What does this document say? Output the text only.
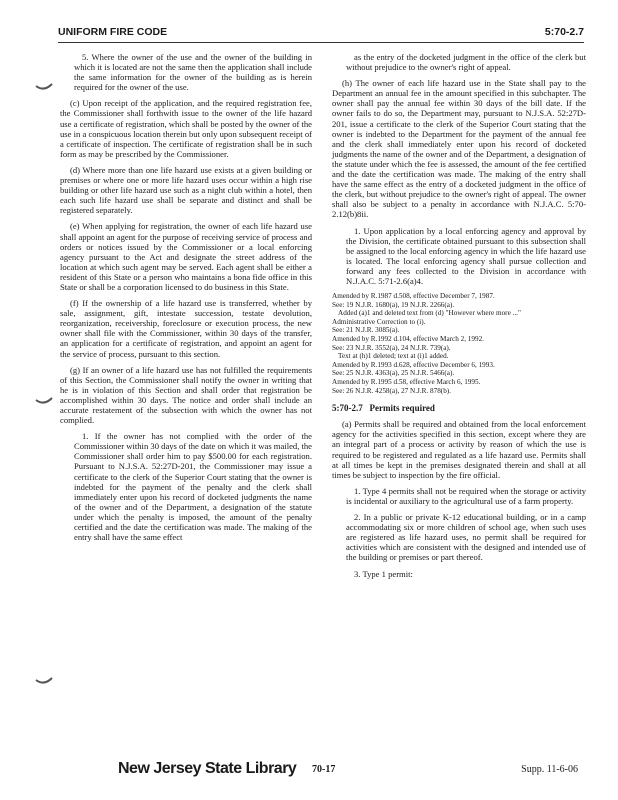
UNIFORM FIRE CODE	5:70-2.7

5. Where the owner of the use and the owner of the building in which it is located are not the same then the application shall include the same information for the owner of the building as is herein required for the owner of the use.

(c) Upon receipt of the application, and the required registration fee, the Commissioner shall forthwith issue to the owner of the life hazard use a certificate of registration, which shall be posted by the owner of the use in a conspicuous location therein but only upon subsequent receipt of a certificate of inspection. The certificate of registration shall be in such form as may be prescribed by the Commissioner.

(d) Where more than one life hazard use exists at a given building or premises or where one or more life hazard uses occur within a high rise building or other life hazard use such as a night club within a hotel, then each such life hazard use shall be separate and distinct and shall be registered separately.

(e) When applying for registration, the owner of each life hazard use shall appoint an agent for the purpose of receiving service of process and orders or notices issued by the Commissioner or a local enforcing agency pursuant to the Act and designate the street address of the location at which such agent may be served. Each agent shall be either a resident of this State or a person who maintains a bona fide office in this State or shall be a corporation licensed to do business in this State.

(f) If the ownership of a life hazard use is transferred, whether by sale, assignment, gift, intestate succession, testate devolution, reorganization, receivership, foreclosure or execution process, the new owner shall file with the Commissioner, within 30 days of the transfer, an application for a certificate of registration, and appoint an agent for the service of process, pursuant to this section.

(g) If an owner of a life hazard use has not fulfilled the requirements of this Section, the Commissioner shall notify the owner in writing that he is in violation of this Section and shall order that registration be accomplished within 30 days. The notice and order shall include an accurate restatement of the subsection with which the owner has not complied.

1. If the owner has not complied with the order of the Commissioner within 30 days of the date on which it was mailed, the Commissioner shall order him to pay $500.00 for each registration. Pursuant to N.J.S.A. 52:27D-201, the Commissioner may issue a certificate to the clerk of the Superior Court stating that the owner is indebted for the payment of the penalty and the clerk shall immediately enter upon his record of docketed judgments the name of the owner and of the Department, a designation of the statute under which the penalty is imposed, the amount of the penalty certified and the date the certification was made. The making of the entry shall have the same effect

as the entry of the docketed judgment in the office of the clerk but without prejudice to the owner's right of appeal.

(h) The owner of each life hazard use in the State shall pay to the Department an annual fee in the amount specified in this subchapter. The owner shall pay the annual fee within 30 days of the bill date. If the owner fails to do so, the Department may, pursuant to N.J.S.A. 52:27D-201, issue a certificate to the clerk of the Superior Court stating that the owner is indebted to the Department for the payment of the annual fee and the clerk shall immediately enter upon his record of docketed judgments the name of the owner and of the Department, a designation of the statute under which the fee is assessed, the amount of the fee certified and the date the certification was made. The making of the entry shall have the same effect as the entry of a docketed judgment in the office of the clerk, but without prejudice to the owner's right of appeal. The owner shall also be subject to a penalty in accordance with N.J.A.C. 5:70-2.12(b)8ii.

1. Upon application by a local enforcing agency and approval by the Division, the certificate obtained pursuant to this subsection shall be assigned to the local enforcing agency in which the life hazard use is located. The local enforcing agency shall pursue collection and forward any fees collected to the Division in accordance with N.J.A.C. 5:71-2.6(a)4.

Amended by R.1987 d.508, effective December 7, 1987.
See: 19 N.J.R. 1680(a), 19 N.J.R. 2266(a).
Added (a)1 and deleted text from (d) "However where more ..."
Administrative Correction to (i).
See: 21 N.J.R. 3085(a).
Amended by R.1992 d.104, effective March 2, 1992.
See: 23 N.J.R. 3552(a), 24 N.J.R. 739(a).
Text at (h)1 deleted; text at (i)1 added.
Amended by R.1993 d.628, effective December 6, 1993.
See: 25 N.J.R. 4363(a), 25 N.J.R. 5466(a).
Amended by R.1995 d.58, effective March 6, 1995.
See: 26 N.J.R. 4258(a), 27 N.J.R. 878(b).
5:70-2.7 Permits required

(a) Permits shall be required and obtained from the local enforcement agency for the activities specified in this section, except where they are an integral part of a process or activity by reason of which the use is required to be registered and regulated as a life hazard use. Permits shall at all times be kept in the premises designated therein and shall at all times be subject to inspection by the fire official.

1. Type 4 permits shall not be required when the storage or activity is incidental or auxiliary to the agricultural use of a farm property.

2. In a public or private K-12 educational building, or in a camp accommodating six or more children of school age, when such uses are registered as life hazard uses, no permit shall be required for activities which are consistent with the designed and intended use of the building or premises or part thereof.

3. Type 1 permit:

New Jersey State Library 70-17	Supp. 11-6-06
